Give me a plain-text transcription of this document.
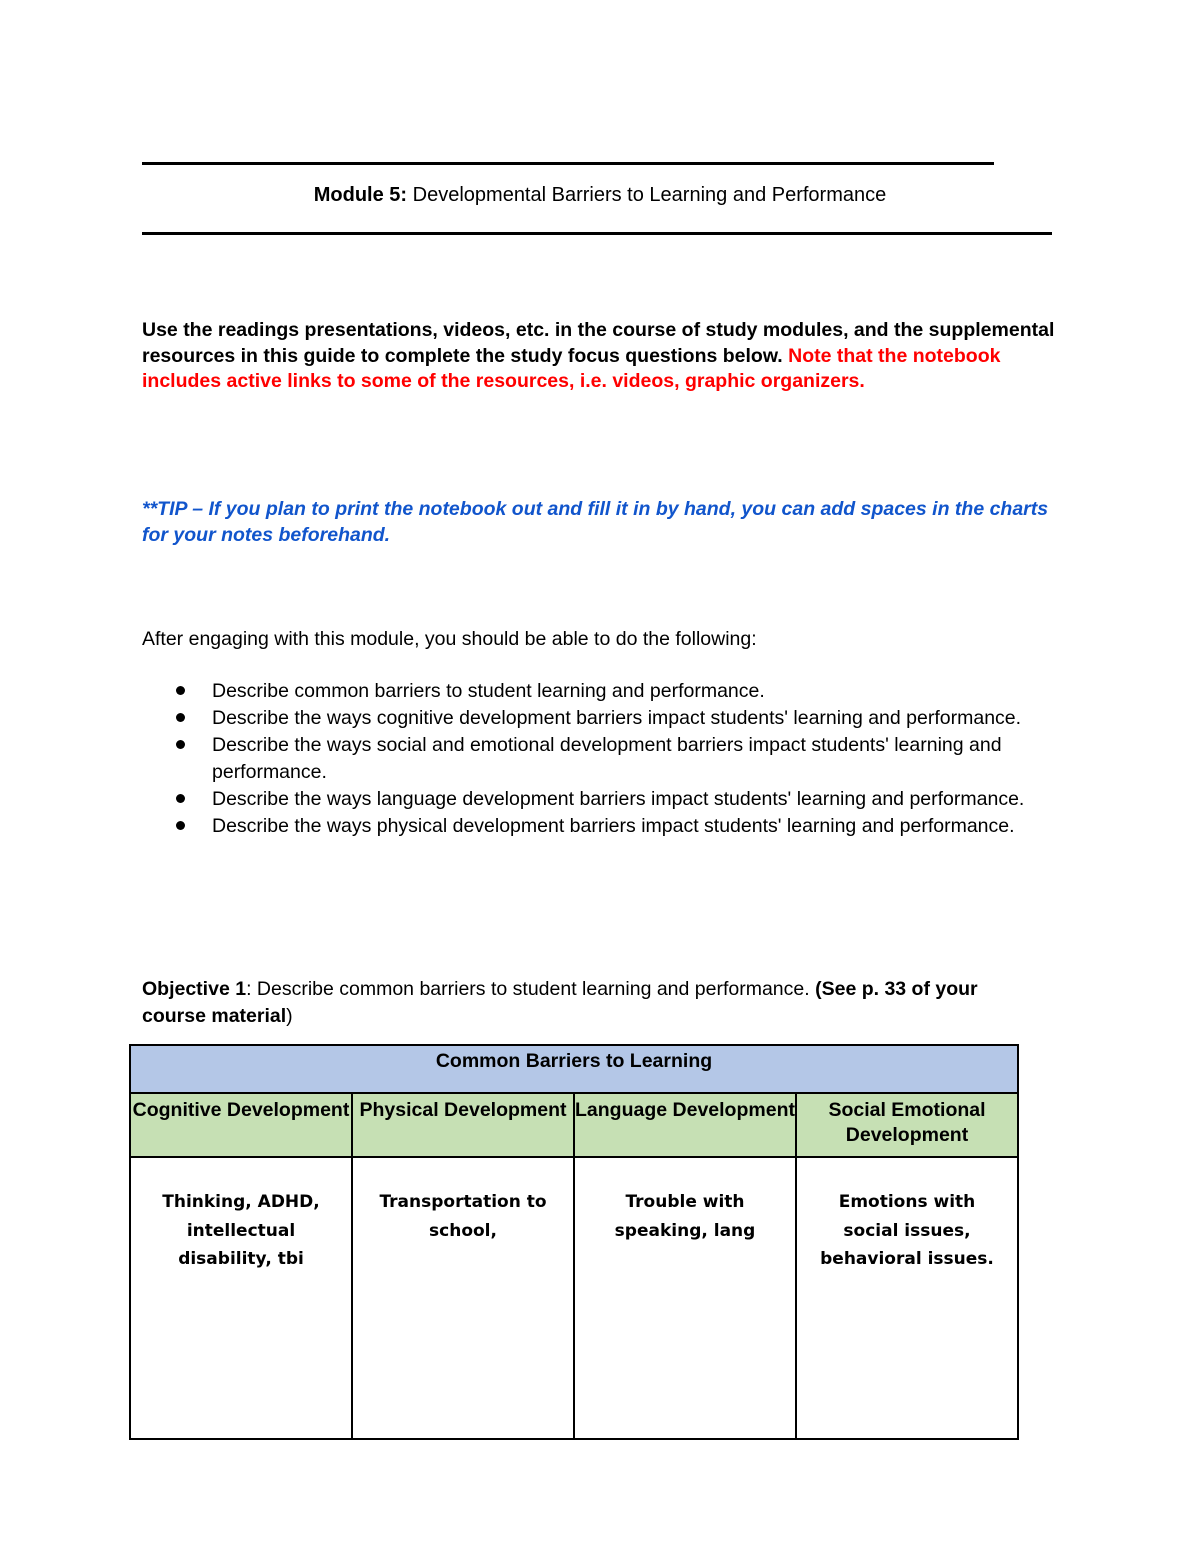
Module 5: Developmental Barriers to Learning and Performance
Use the readings presentations, videos, etc. in the course of study modules, and the supplemental resources in this guide to complete the study focus questions below. Note that the notebook includes active links to some of the resources, i.e. videos, graphic organizers.
**TIP – If you plan to print the notebook out and fill it in by hand, you can add spaces in the charts for your notes beforehand.
After engaging with this module, you should be able to do the following:
Describe common barriers to student learning and performance.
Describe the ways cognitive development barriers impact students' learning and performance.
Describe the ways social and emotional development barriers impact students' learning and performance.
Describe the ways language development barriers impact students' learning and performance.
Describe the ways physical development barriers impact students' learning and performance.
Objective 1: Describe common barriers to student learning and performance. (See p. 33 of your course material)
Common Barriers to Learning			
Cognitive Development	Physical Development	Language Development	Social Emotional Development
Thinking, ADHD, intellectual disability, tbi	Transportation to school,	Trouble with speaking, lang	Emotions with social issues, behavioral issues.
